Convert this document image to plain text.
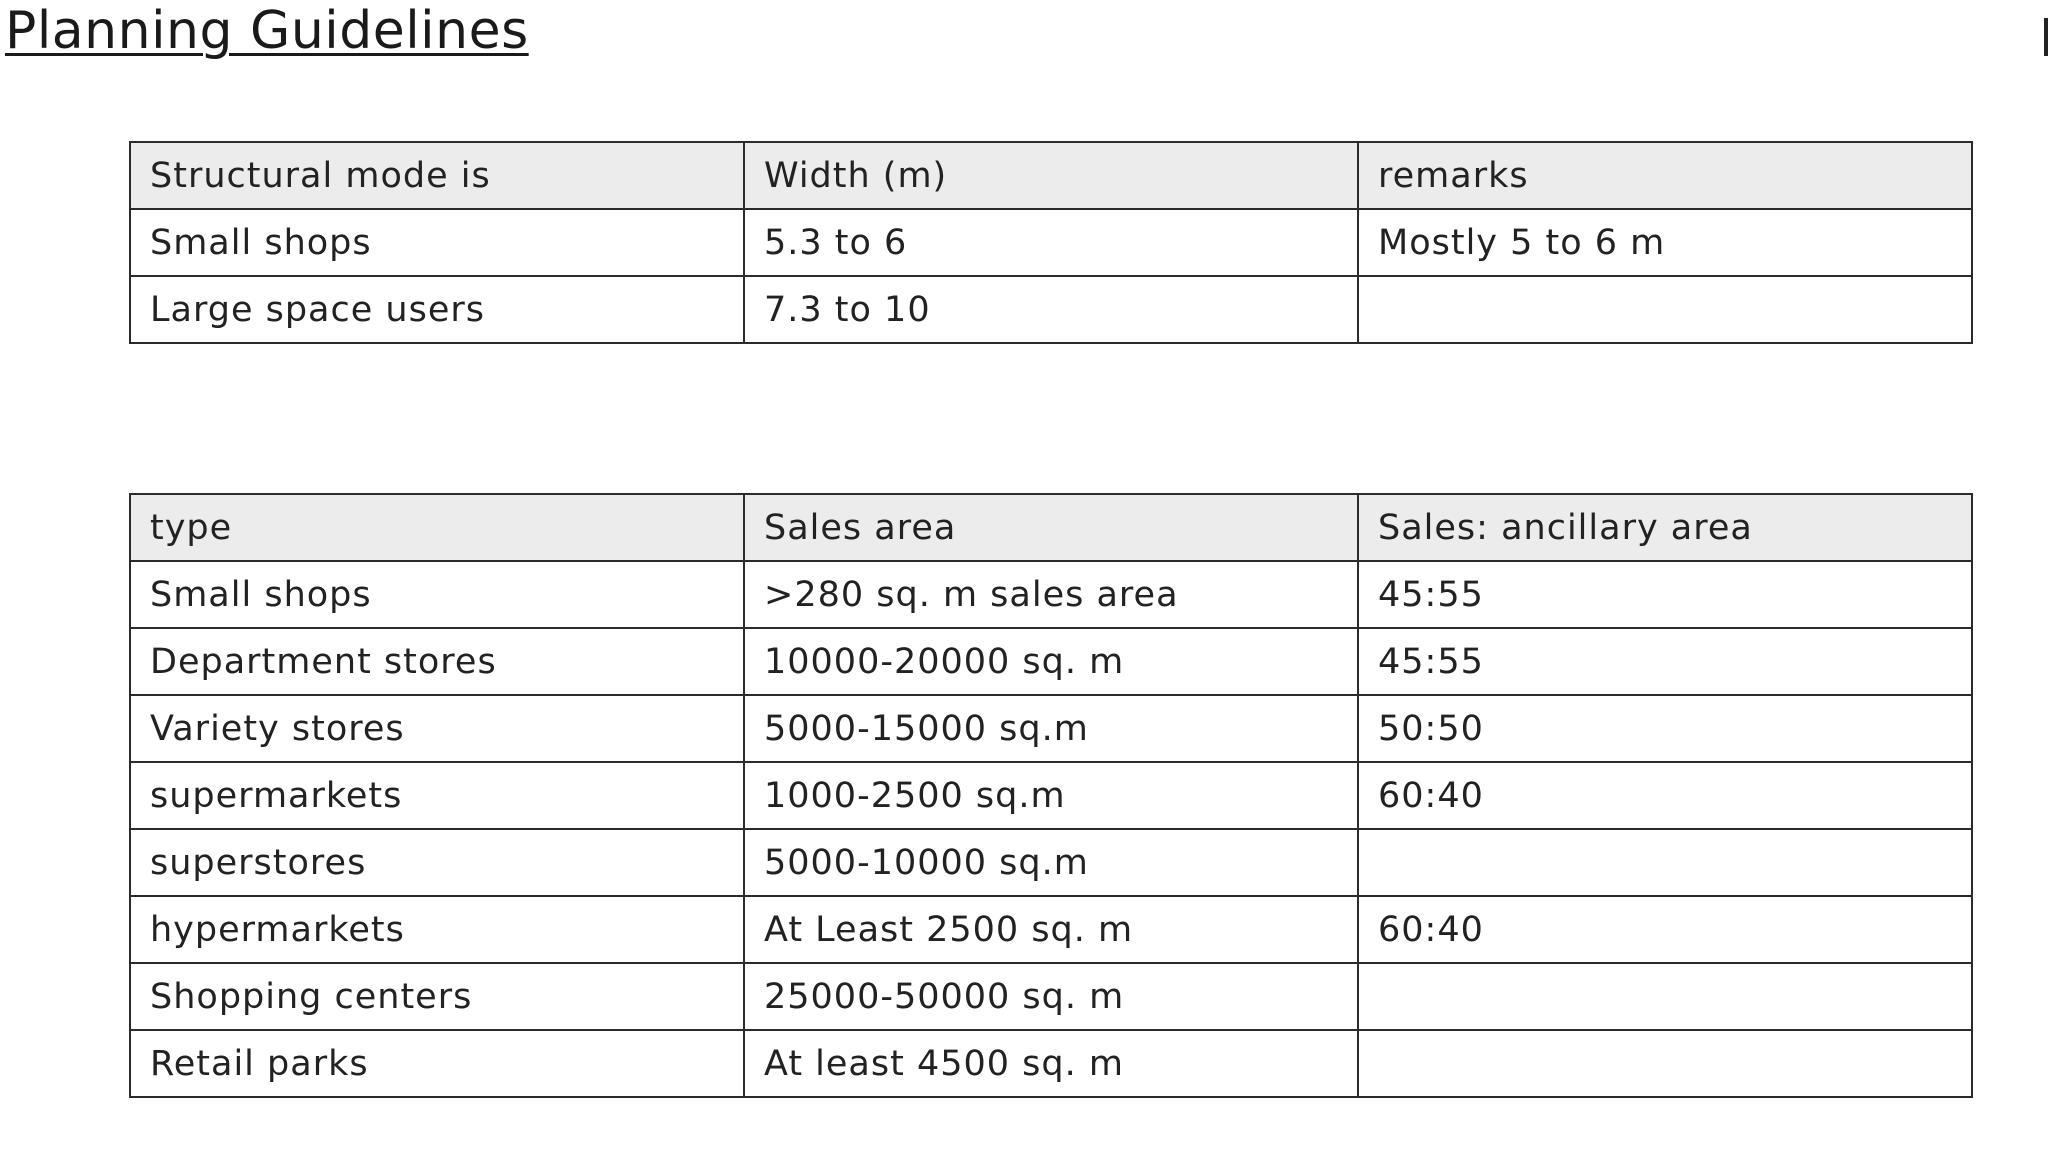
Planning Guidelines
Structural mode is	Width (m)	remarks
Small shops	5.3 to 6	Mostly 5 to 6 m
Large space users	7.3 to 10	
type	Sales area	Sales: ancillary area
Small shops	>280 sq. m sales area	45:55
Department stores	10000-20000 sq. m	45:55
Variety stores	5000-15000 sq.m	50:50
supermarkets	1000-2500 sq.m	60:40
superstores	5000-10000 sq.m	
hypermarkets	At Least 2500 sq. m	60:40
Shopping centers	25000-50000 sq. m	
Retail parks	At least 4500 sq. m	
